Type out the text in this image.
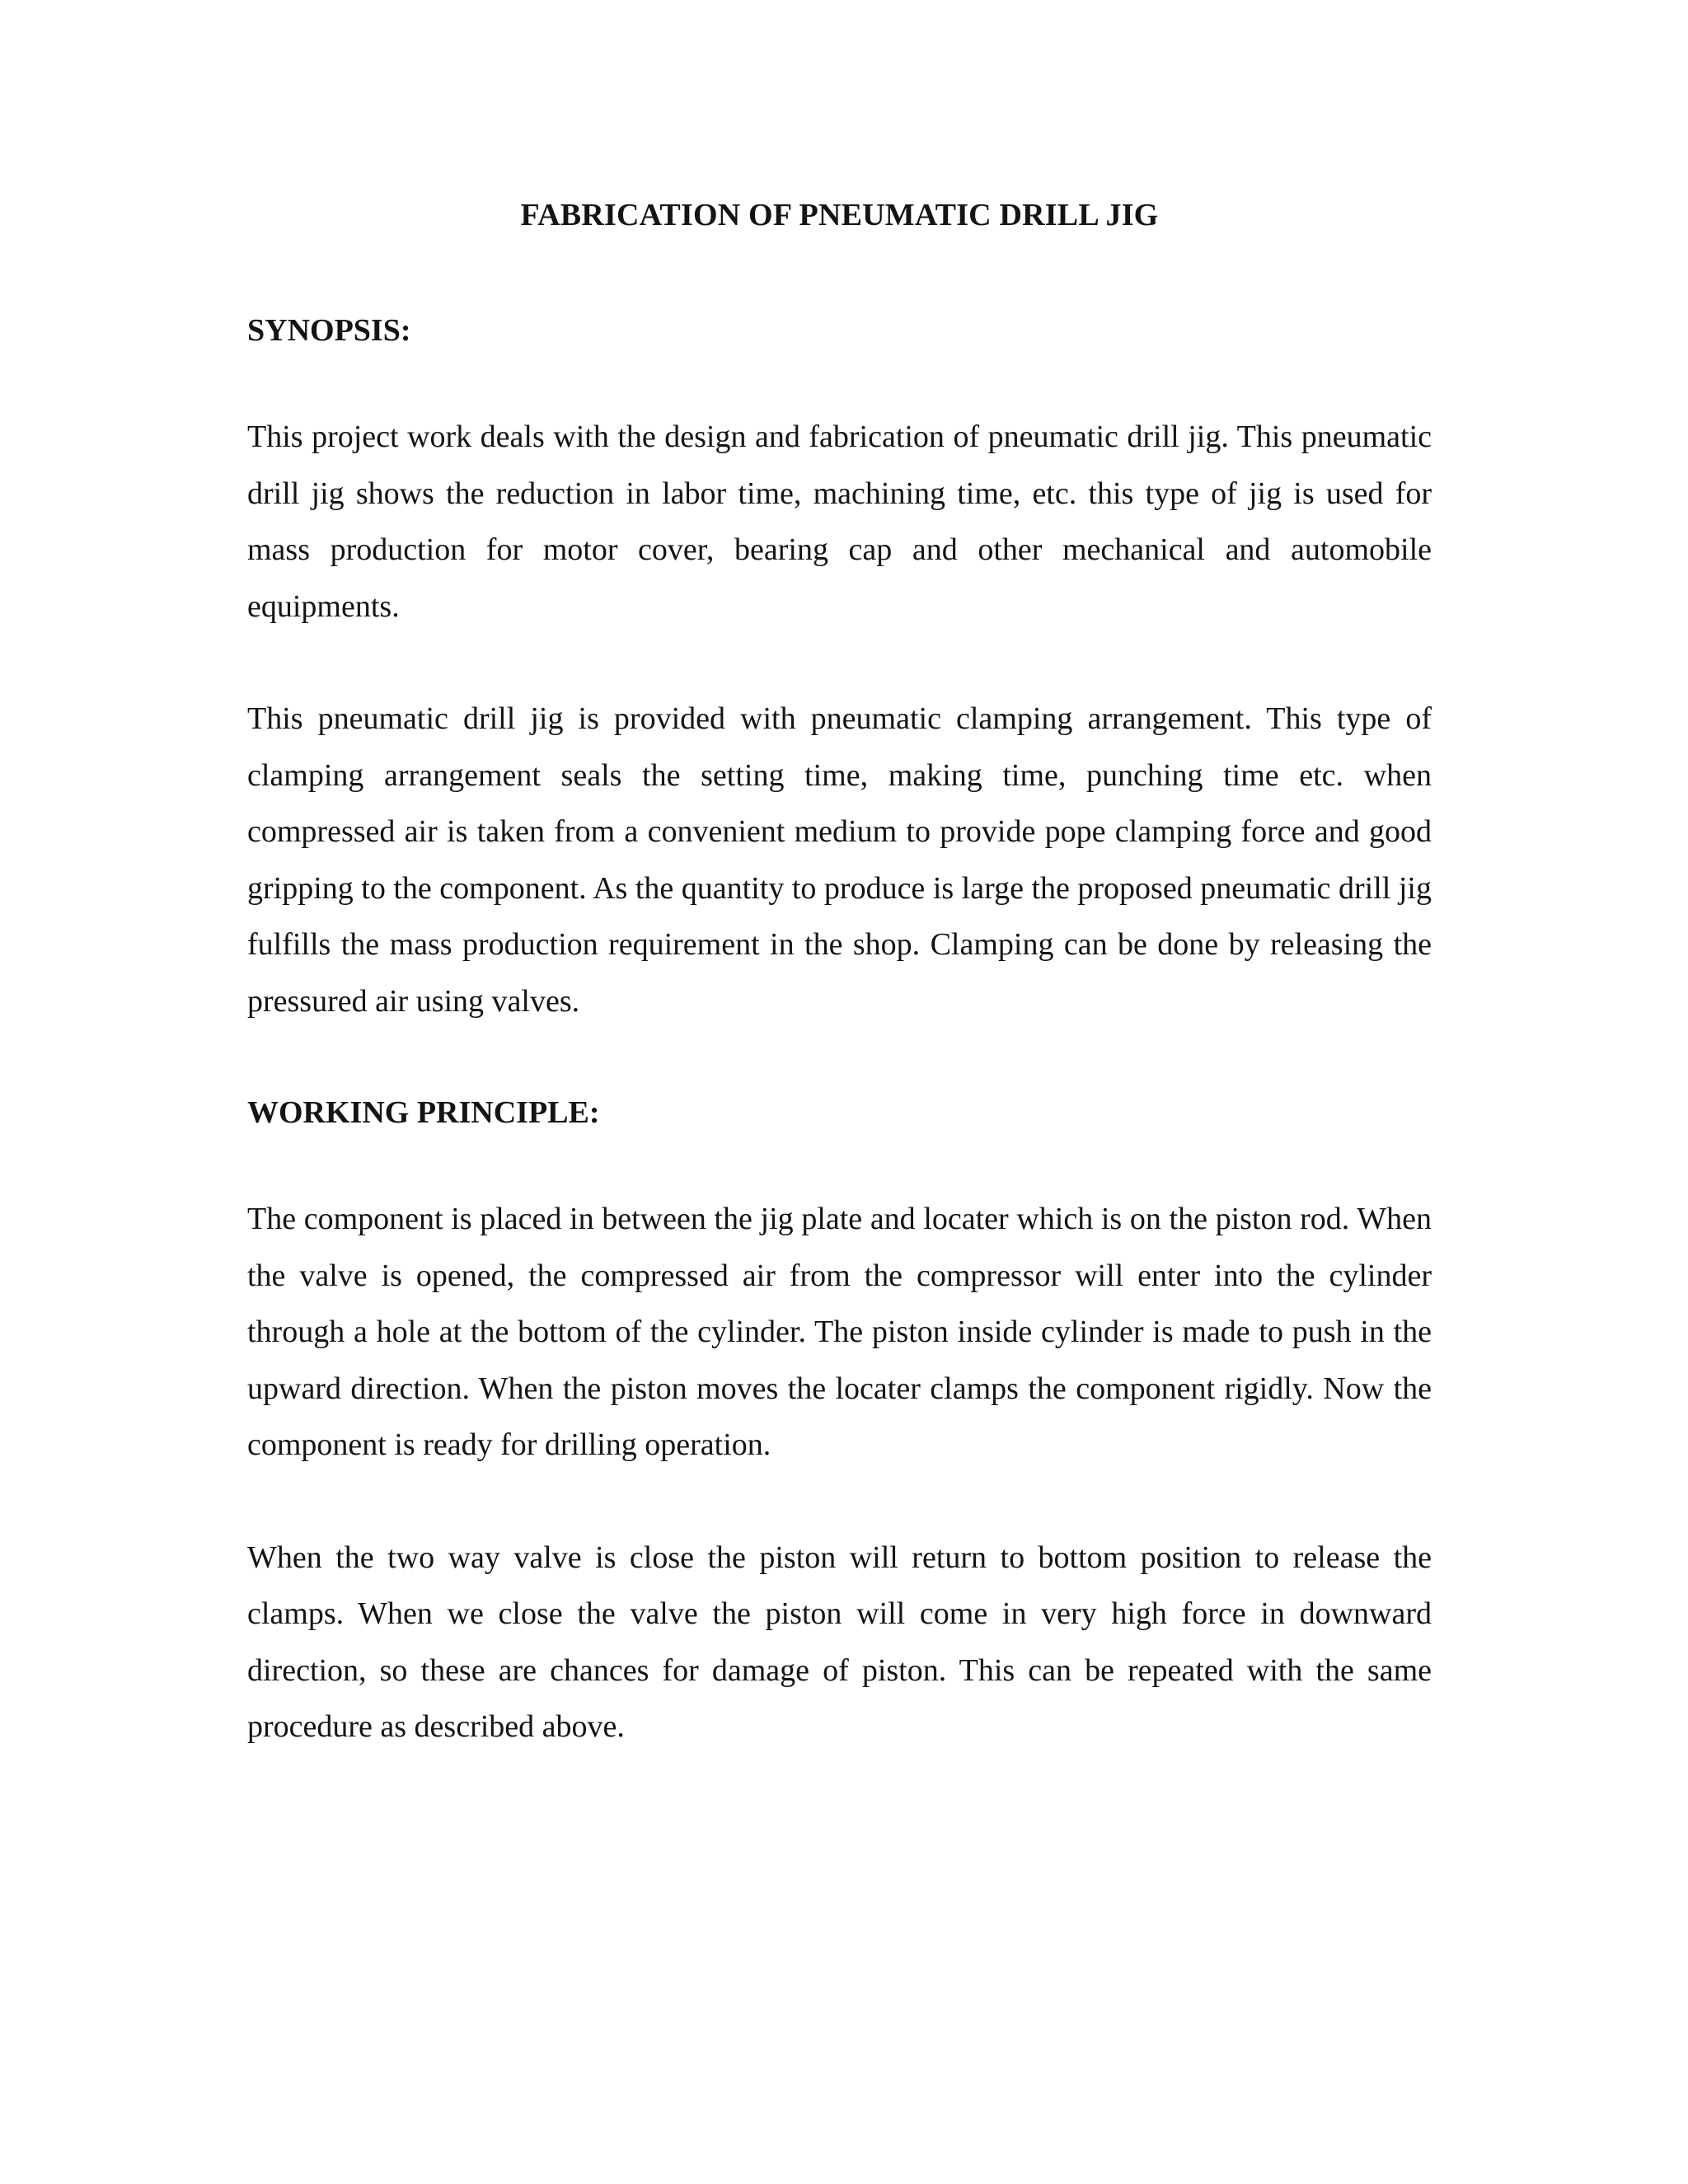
FABRICATION OF PNEUMATIC DRILL JIG
SYNOPSIS:

This project work deals with the design and fabrication of pneumatic drill jig. This pneumatic drill jig shows the reduction in labor time, machining time, etc. this type of jig is used for mass production for motor cover, bearing cap and other mechanical and automobile equipments.

This pneumatic drill jig is provided with pneumatic clamping arrangement. This type of clamping arrangement seals the setting time, making time, punching time etc. when compressed air is taken from a convenient medium to provide pope clamping force and good gripping to the component. As the quantity to produce is large the proposed pneumatic drill jig fulfills the mass production requirement in the shop. Clamping can be done by releasing the pressured air using valves.

WORKING PRINCIPLE:

The component is placed in between the jig plate and locater which is on the piston rod. When the valve is opened, the compressed air from the compressor will enter into the cylinder through a hole at the bottom of the cylinder. The piston inside cylinder is made to push in the upward direction. When the piston moves the locater clamps the component rigidly. Now the component is ready for drilling operation.

When the two way valve is close the piston will return to bottom position to release the clamps. When we close the valve the piston will come in very high force in downward direction, so these are chances for damage of piston. This can be repeated with the same procedure as described above.
